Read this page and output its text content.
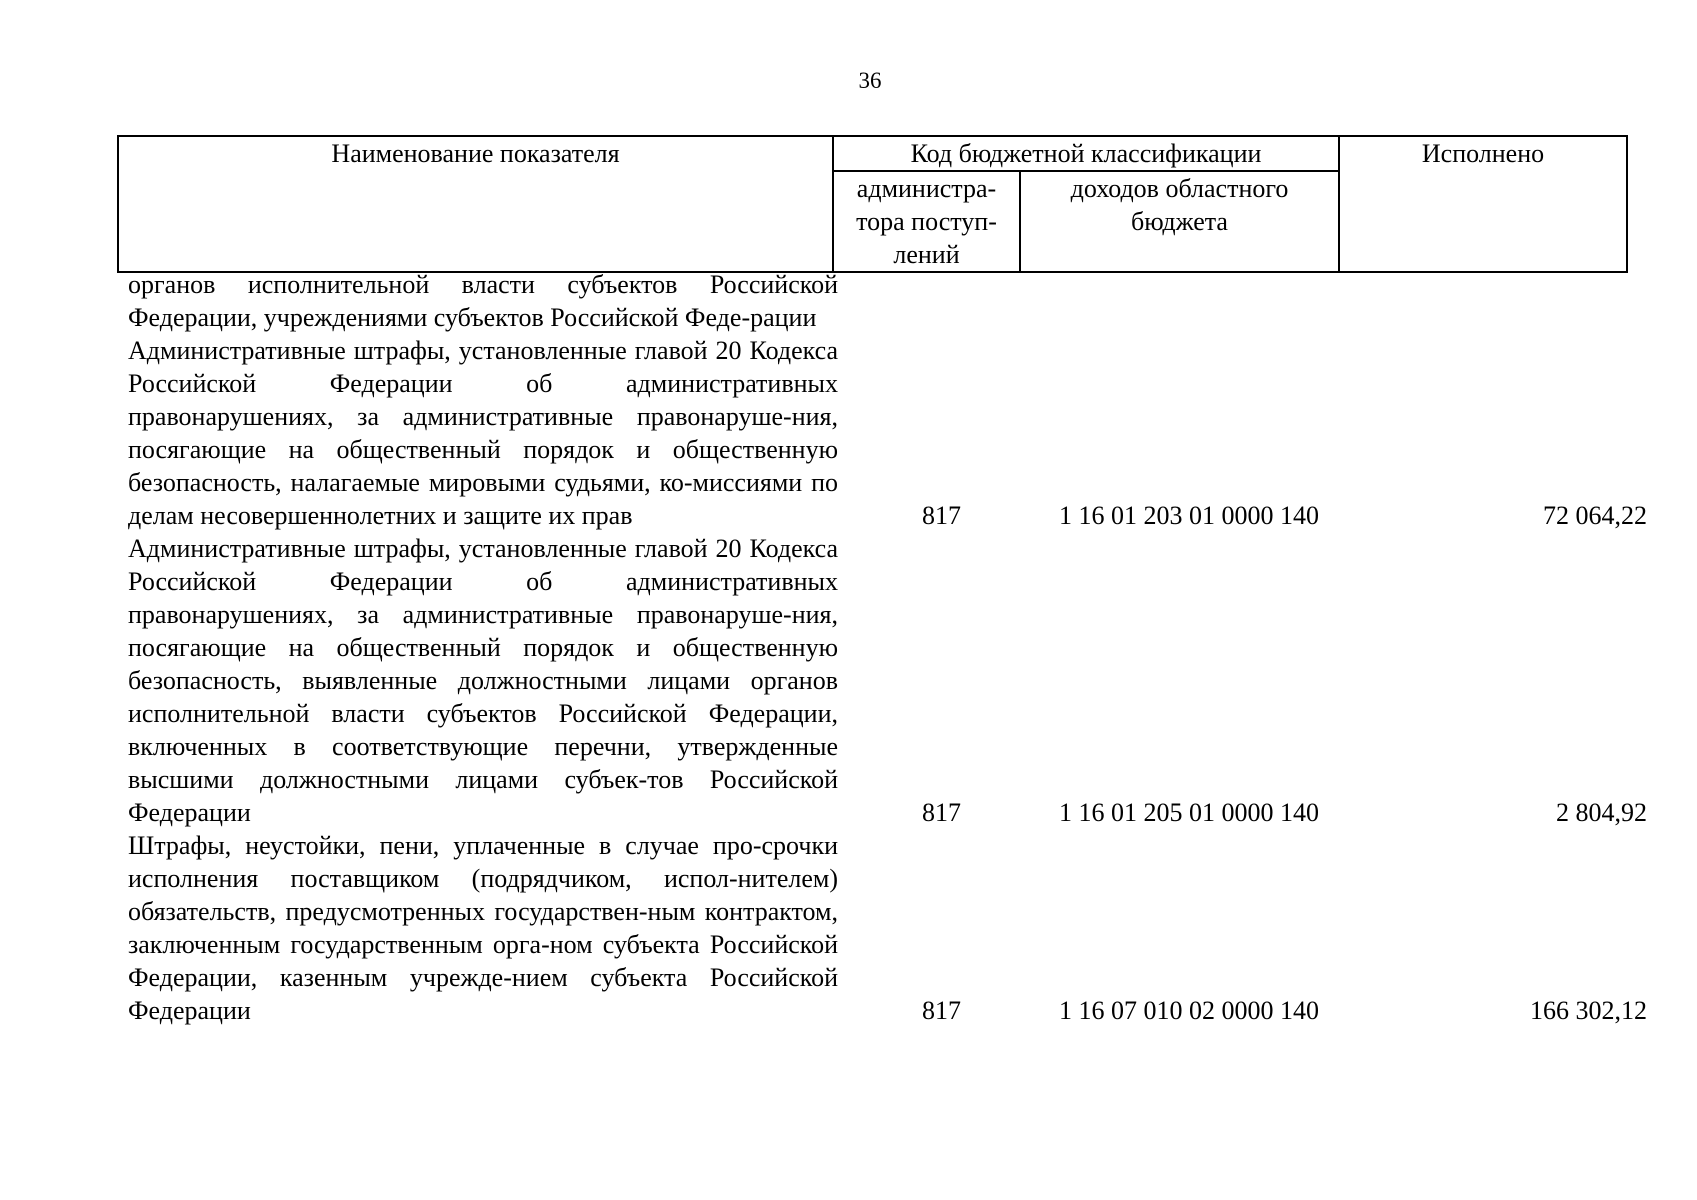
36
Наименование показателя	Код бюджетной классификации		Исполнено
	администра-тора поступ-лений	доходов областного бюджета	
органов исполнительной власти субъектов Российской Федерации, учреждениями субъектов Российской Феде-рации
Административные штрафы, установленные главой 20 Кодекса Российской Федерации об административных правонарушениях, за административные правонаруше-ния, посягающие на общественный порядок и общественную безопасность, налагаемые мировыми судьями, ко-миссиями по делам несовершеннолетних и защите их прав	817	1 16 01 203 01 0000 140	72 064,22
Административные штрафы, установленные главой 20 Кодекса Российской Федерации об административных правонарушениях, за административные правонаруше-ния, посягающие на общественный порядок и общественную безопасность, выявленные должностными лицами органов исполнительной власти субъектов Российской Федерации, включенных в соответствующие перечни, утвержденные высшими должностными лицами субъек-тов Российской Федерации	817	1 16 01 205 01 0000 140	2 804,92
Штрафы, неустойки, пени, уплаченные в случае про-срочки исполнения поставщиком (подрядчиком, испол-нителем) обязательств, предусмотренных государствен-ным контрактом, заключенным государственным орга-ном субъекта Российской Федерации, казенным учрежде-нием субъекта Российской Федерации	817	1 16 07 010 02 0000 140	166 302,12
